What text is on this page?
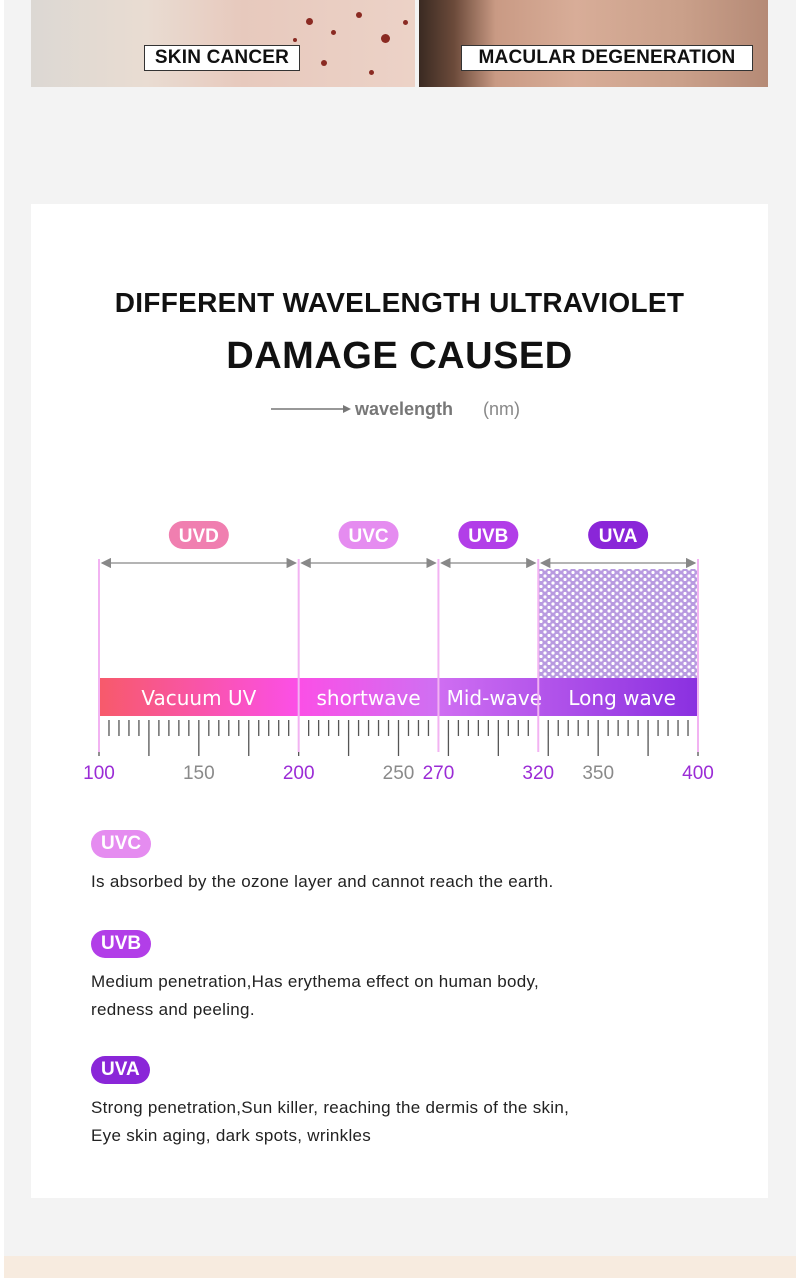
SKIN CANCER	MACULAR DEGENERATION
DIFFERENT WAVELENGTH ULTRAVIOLET
DAMAGE CAUSED
wavelength (nm)
Vacuum UV	shortwave Mid-wave Long wave
UVD	UVC	UVB	UVA
100	150	200	250 270	320 350	400
UVC
Is absorbed by the ozone layer and cannot reach the earth.
UVB
Medium penetration,Has erythema effect on human body,
redness and peeling.
UVA
Strong penetration,Sun killer, reaching the dermis of the skin,
Eye skin aging, dark spots, wrinkles
